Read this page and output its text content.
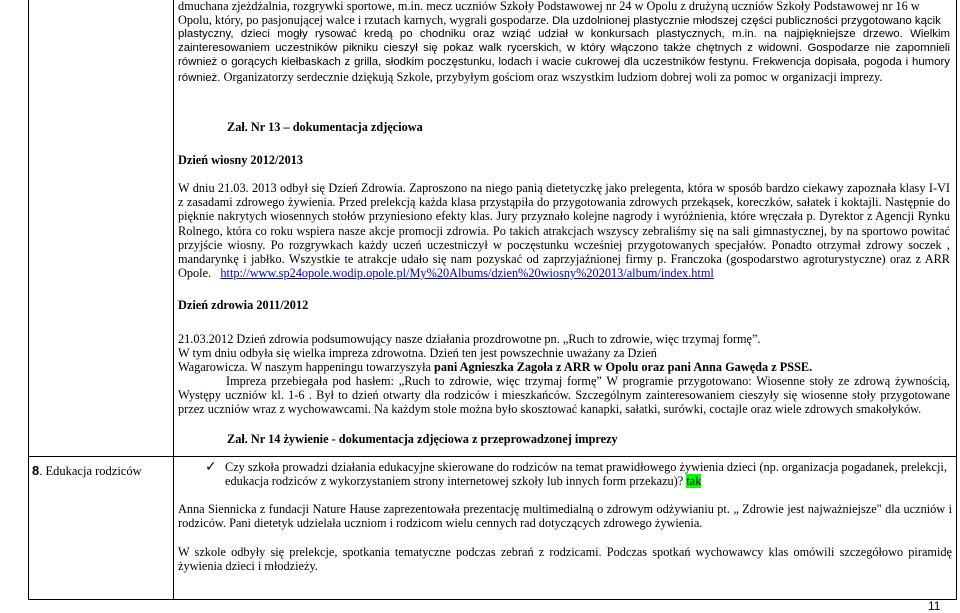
dmuchana zjeżdżalnia, rozgrywki sportowe, m.in. mecz uczniów Szkoły Podstawowej nr 24 w Opolu z drużyną uczniów Szkoły Podstawowej nr 16 w
Opolu, który, po pasjonującej walce i rzutach karnych, wygrali gospodarze. Dla uzdolnionej plastycznie młodszej części publiczności przygotowano kącik
plastyczny, dzieci mogły rysować kredą po chodniku oraz wziąć udział w konkursach plastycznych, m.in. na najpiękniejsze drzewo. Wielkim zainteresowaniem uczestników pikniku cieszył się pokaz walk rycerskich, w który włączono także chętnych z widowni. Gospodarze nie zapomnieli również o gorących kiełbaskach z grilla, słodkim poczęstunku, lodach i wacie cukrowej dla uczestników festynu. Frekwencja dopisała, pogoda i humory również. Organizatorzy serdecznie dziękują Szkole, przybyłym gościom oraz wszystkim ludziom dobrej woli za pomoc w organizacji imprezy.
Zał. Nr 13 – dokumentacja zdjęciowa
Dzień wiosny 2012/2013
W dniu 21.03. 2013 odbył się Dzień Zdrowia. Zaproszono na niego panią dietetyczkę jako prelegenta, która w sposób bardzo ciekawy zapoznała klasy I-VI z zasadami zdrowego żywienia. Przed prelekcją każda klasa przystąpiła do przygotowania zdrowych przekąsek, koreczków, sałatek i koktajli. Następnie do pięknie nakrytych wiosennych stołów przyniesiono efekty klas. Jury przyznało kolejne nagrody i wyróżnienia, które wręczała p. Dyrektor z Agencji Rynku Rolnego, która co roku wspiera nasze akcje promocji zdrowia. Po takich atrakcjach wszyscy zebraliśmy się na sali gimnastycznej, by na sportowo powitać przyjście wiosny. Po rozgrywkach każdy uczeń uczestniczył w poczęstunku wcześniej przygotowanych specjałów. Ponadto otrzymał zdrowy soczek , mandarynkę i jabłko. Wszystkie te atrakcje udało się nam pozyskać od zaprzyjaźnionej firmy p. Franczoka (gospodarstwo agroturystyczne) oraz z ARR Opole. http://www.sp24opole.wodip.opole.pl/My%20Albums/dzien%20wiosny%202013/album/index.html
Dzień zdrowia 2011/2012
21.03.2012 Dzień zdrowia podsumowujący nasze działania prozdrowotne pn. „Ruch to zdrowie, więc trzymaj formę”.
W tym dniu odbyła się wielka impreza zdrowotna. Dzień ten jest powszechnie uważany za Dzień
Wagarowicza. W naszym happeningu towarzyszyła pani Agnieszka Zagoła z ARR w Opolu oraz pani Anna Gawęda z PSSE.
Impreza przebiegała pod hasłem: „Ruch to zdrowie, więc trzymaj formę” W programie przygotowano: Wiosenne stoły ze zdrową żywnością, Występy uczniów kl. 1-6 . Był to dzień otwarty dla rodziców i mieszkańców. Szczególnym zainteresowaniem cieszyły się wiosenne stoły przygotowane przez uczniów wraz z wychowawcami. Na każdym stole można było skosztować kanapki, sałatki, surówki, coctajle oraz wiele zdrowych smakołyków.
Zał. Nr 14 żywienie - dokumentacja zdjęciowa z przeprowadzonej imprezy
8. Edukacja rodziców	✓ Czy szkoła prowadzi działania edukacyjne skierowane do rodziców na temat prawidłowego żywienia dzieci (np. organizacja pogadanek, prelekcji, edukacja rodziców z wykorzystaniem strony internetowej szkoły lub innych form przekazu)? tak
Anna Siennicka z fundacji Nature Hause zaprezentowała prezentację multimedialną o zdrowym odżywianiu pt. „ Zdrowie jest najważniejsze" dla uczniów i rodziców. Pani dietetyk udzielała uczniom i rodzicom wielu cennych rad dotyczących zdrowego żywienia.
W szkole odbyły się prelekcje, spotkania tematyczne podczas zebrań z rodzicami. Podczas spotkań wychowawcy klas omówili szczegółowo piramidę żywienia dzieci i młodzieży.
11
